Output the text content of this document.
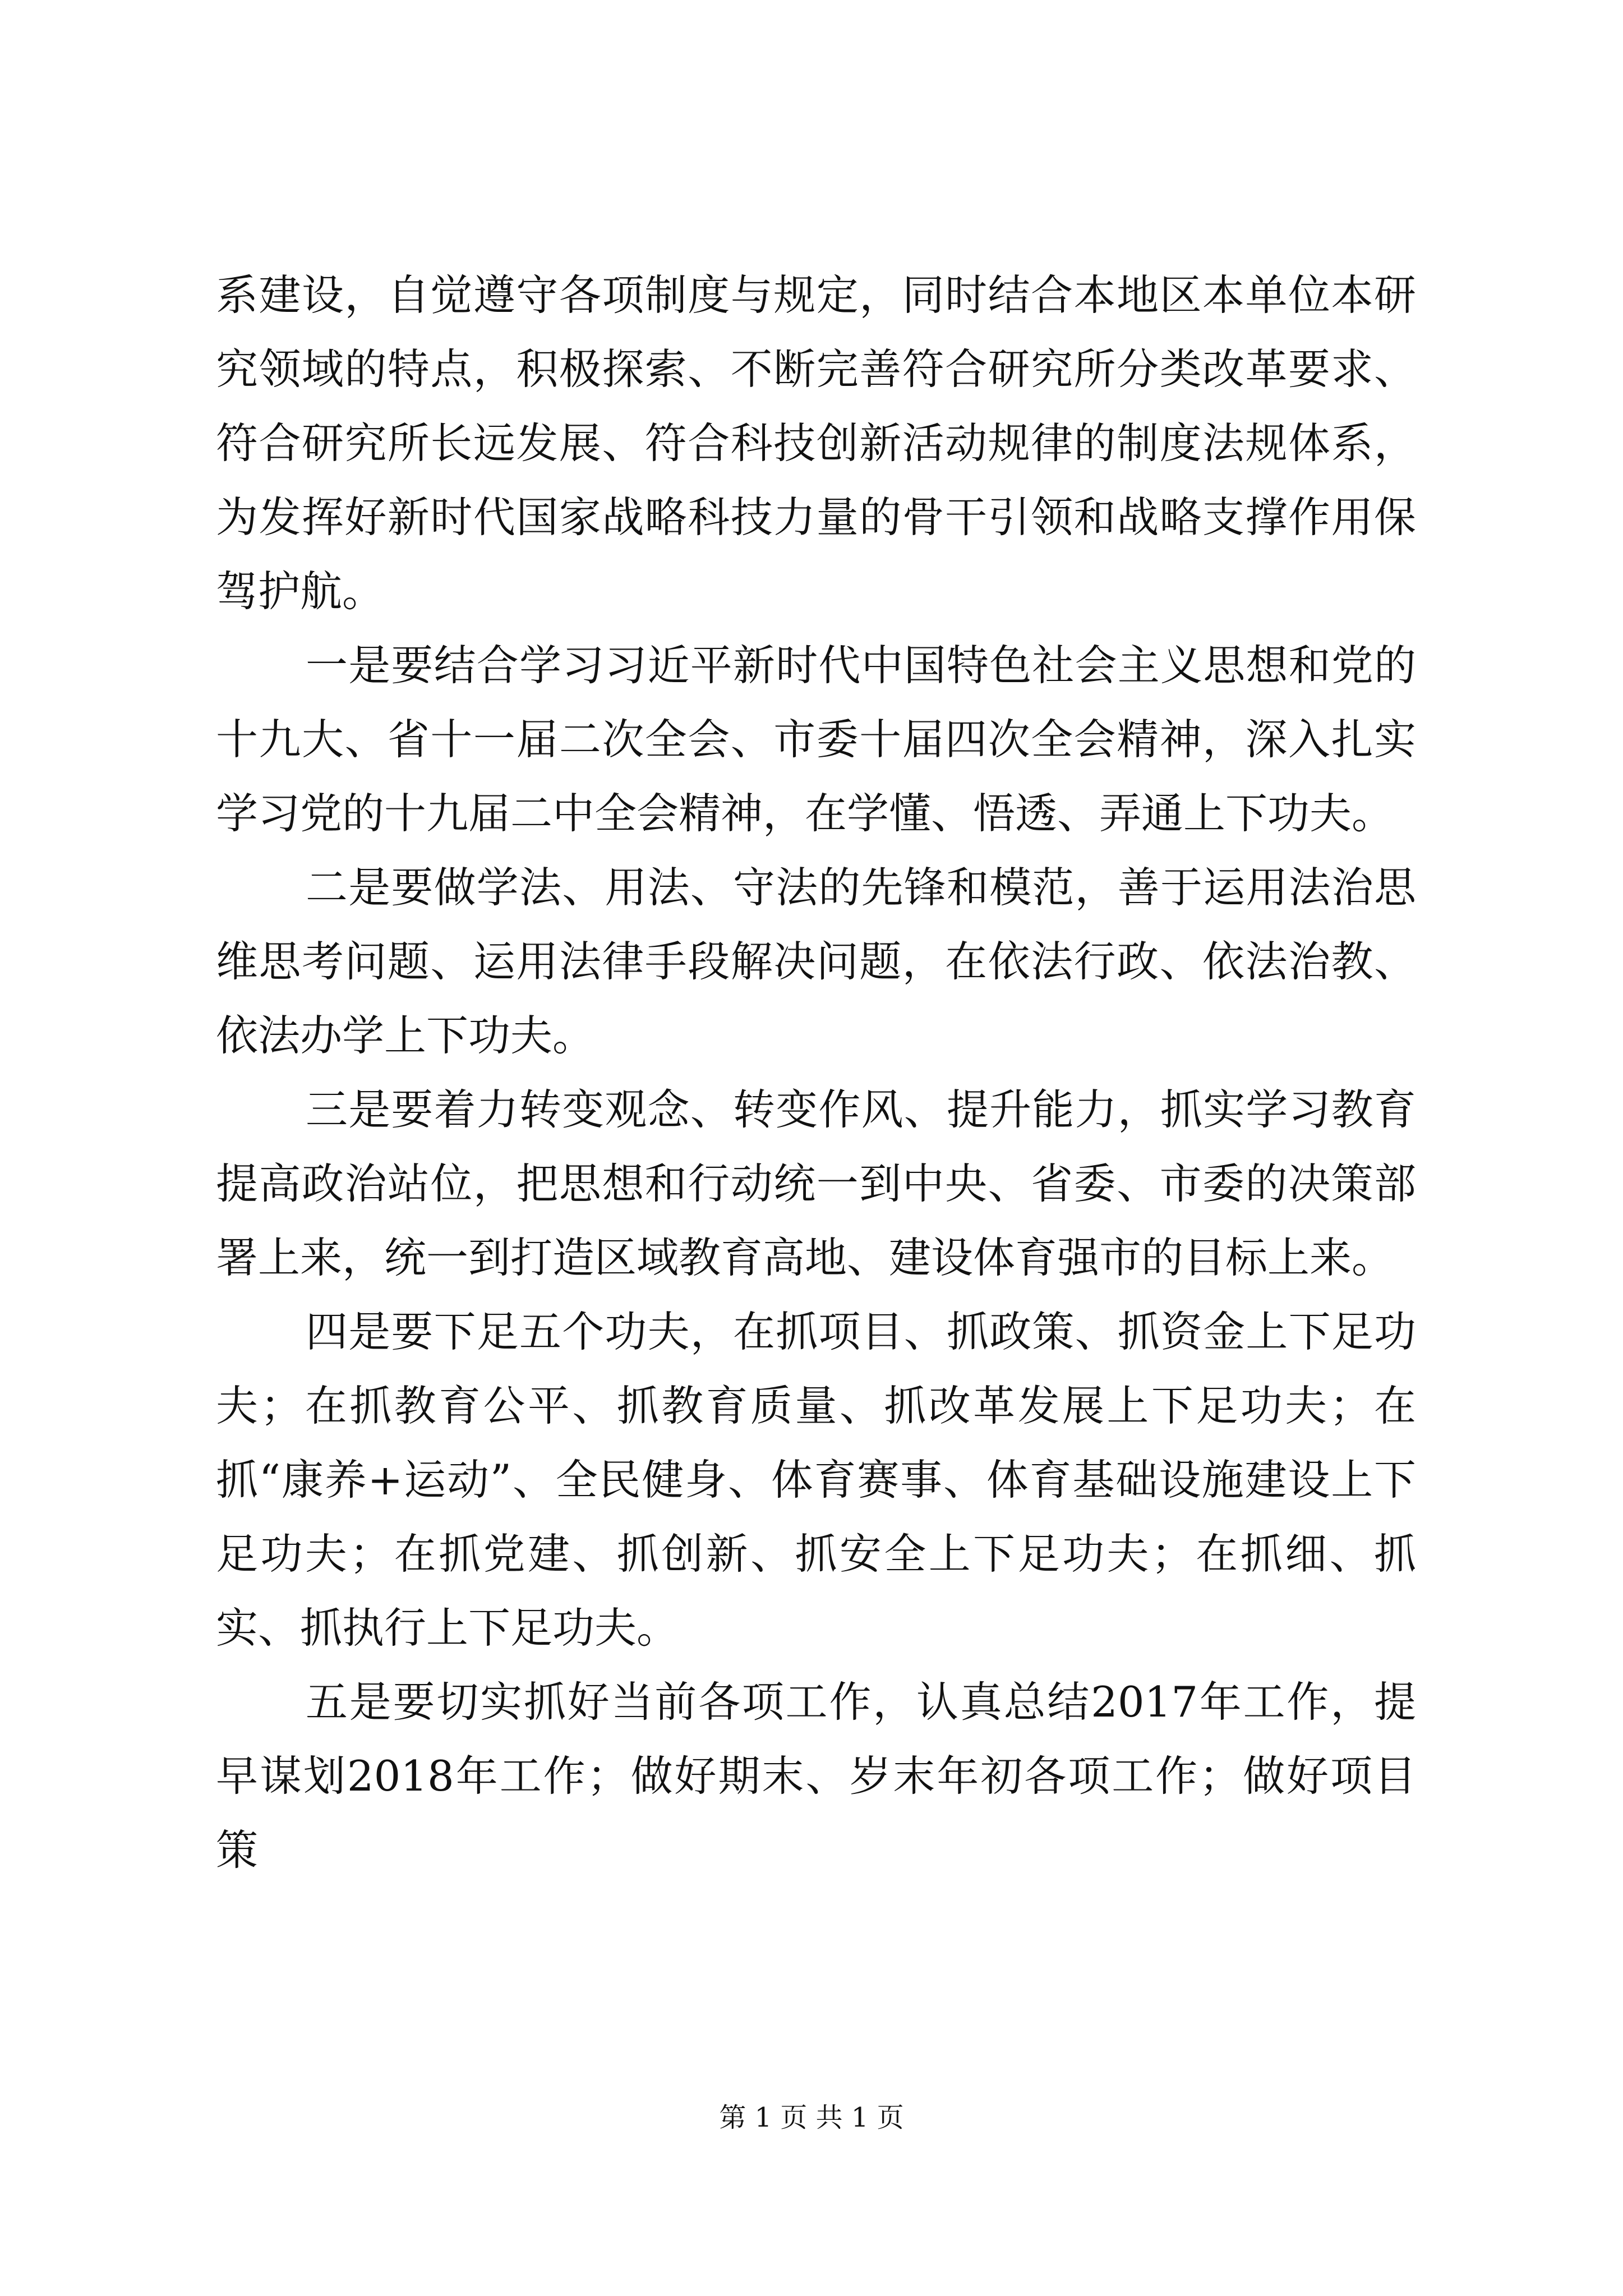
系建设，自觉遵守各项制度与规定，同时结合本地区本单位本研究领域的特点，积极探索、不断完善符合研究所分类改革要求、符合研究所长远发展、符合科技创新活动规律的制度法规体系，为发挥好新时代国家战略科技力量的骨干引领和战略支撑作用保驾护航。

一是要结合学习习近平新时代中国特色社会主义思想和党的十九大、省十一届二次全会、市委十届四次全会精神，深入扎实学习党的十九届二中全会精神，在学懂、悟透、弄通上下功夫。

二是要做学法、用法、守法的先锋和模范，善于运用法治思维思考问题、运用法律手段解决问题，在依法行政、依法治教、依法办学上下功夫。

三是要着力转变观念、转变作风、提升能力，抓实学习教育提高政治站位，把思想和行动统一到中央、省委、市委的决策部署上来，统一到打造区域教育高地、建设体育强市的目标上来。

四是要下足五个功夫，在抓项目、抓政策、抓资金上下足功夫；在抓教育公平、抓教育质量、抓改革发展上下足功夫；在抓“康养+运动”、全民健身、体育赛事、体育基础设施建设上下足功夫；在抓党建、抓创新、抓安全上下足功夫；在抓细、抓实、抓执行上下足功夫。

五是要切实抓好当前各项工作，认真总结2017年工作，提早谋划2018年工作；做好期末、岁末年初各项工作；做好项目策

第 1 页 共 1 页
